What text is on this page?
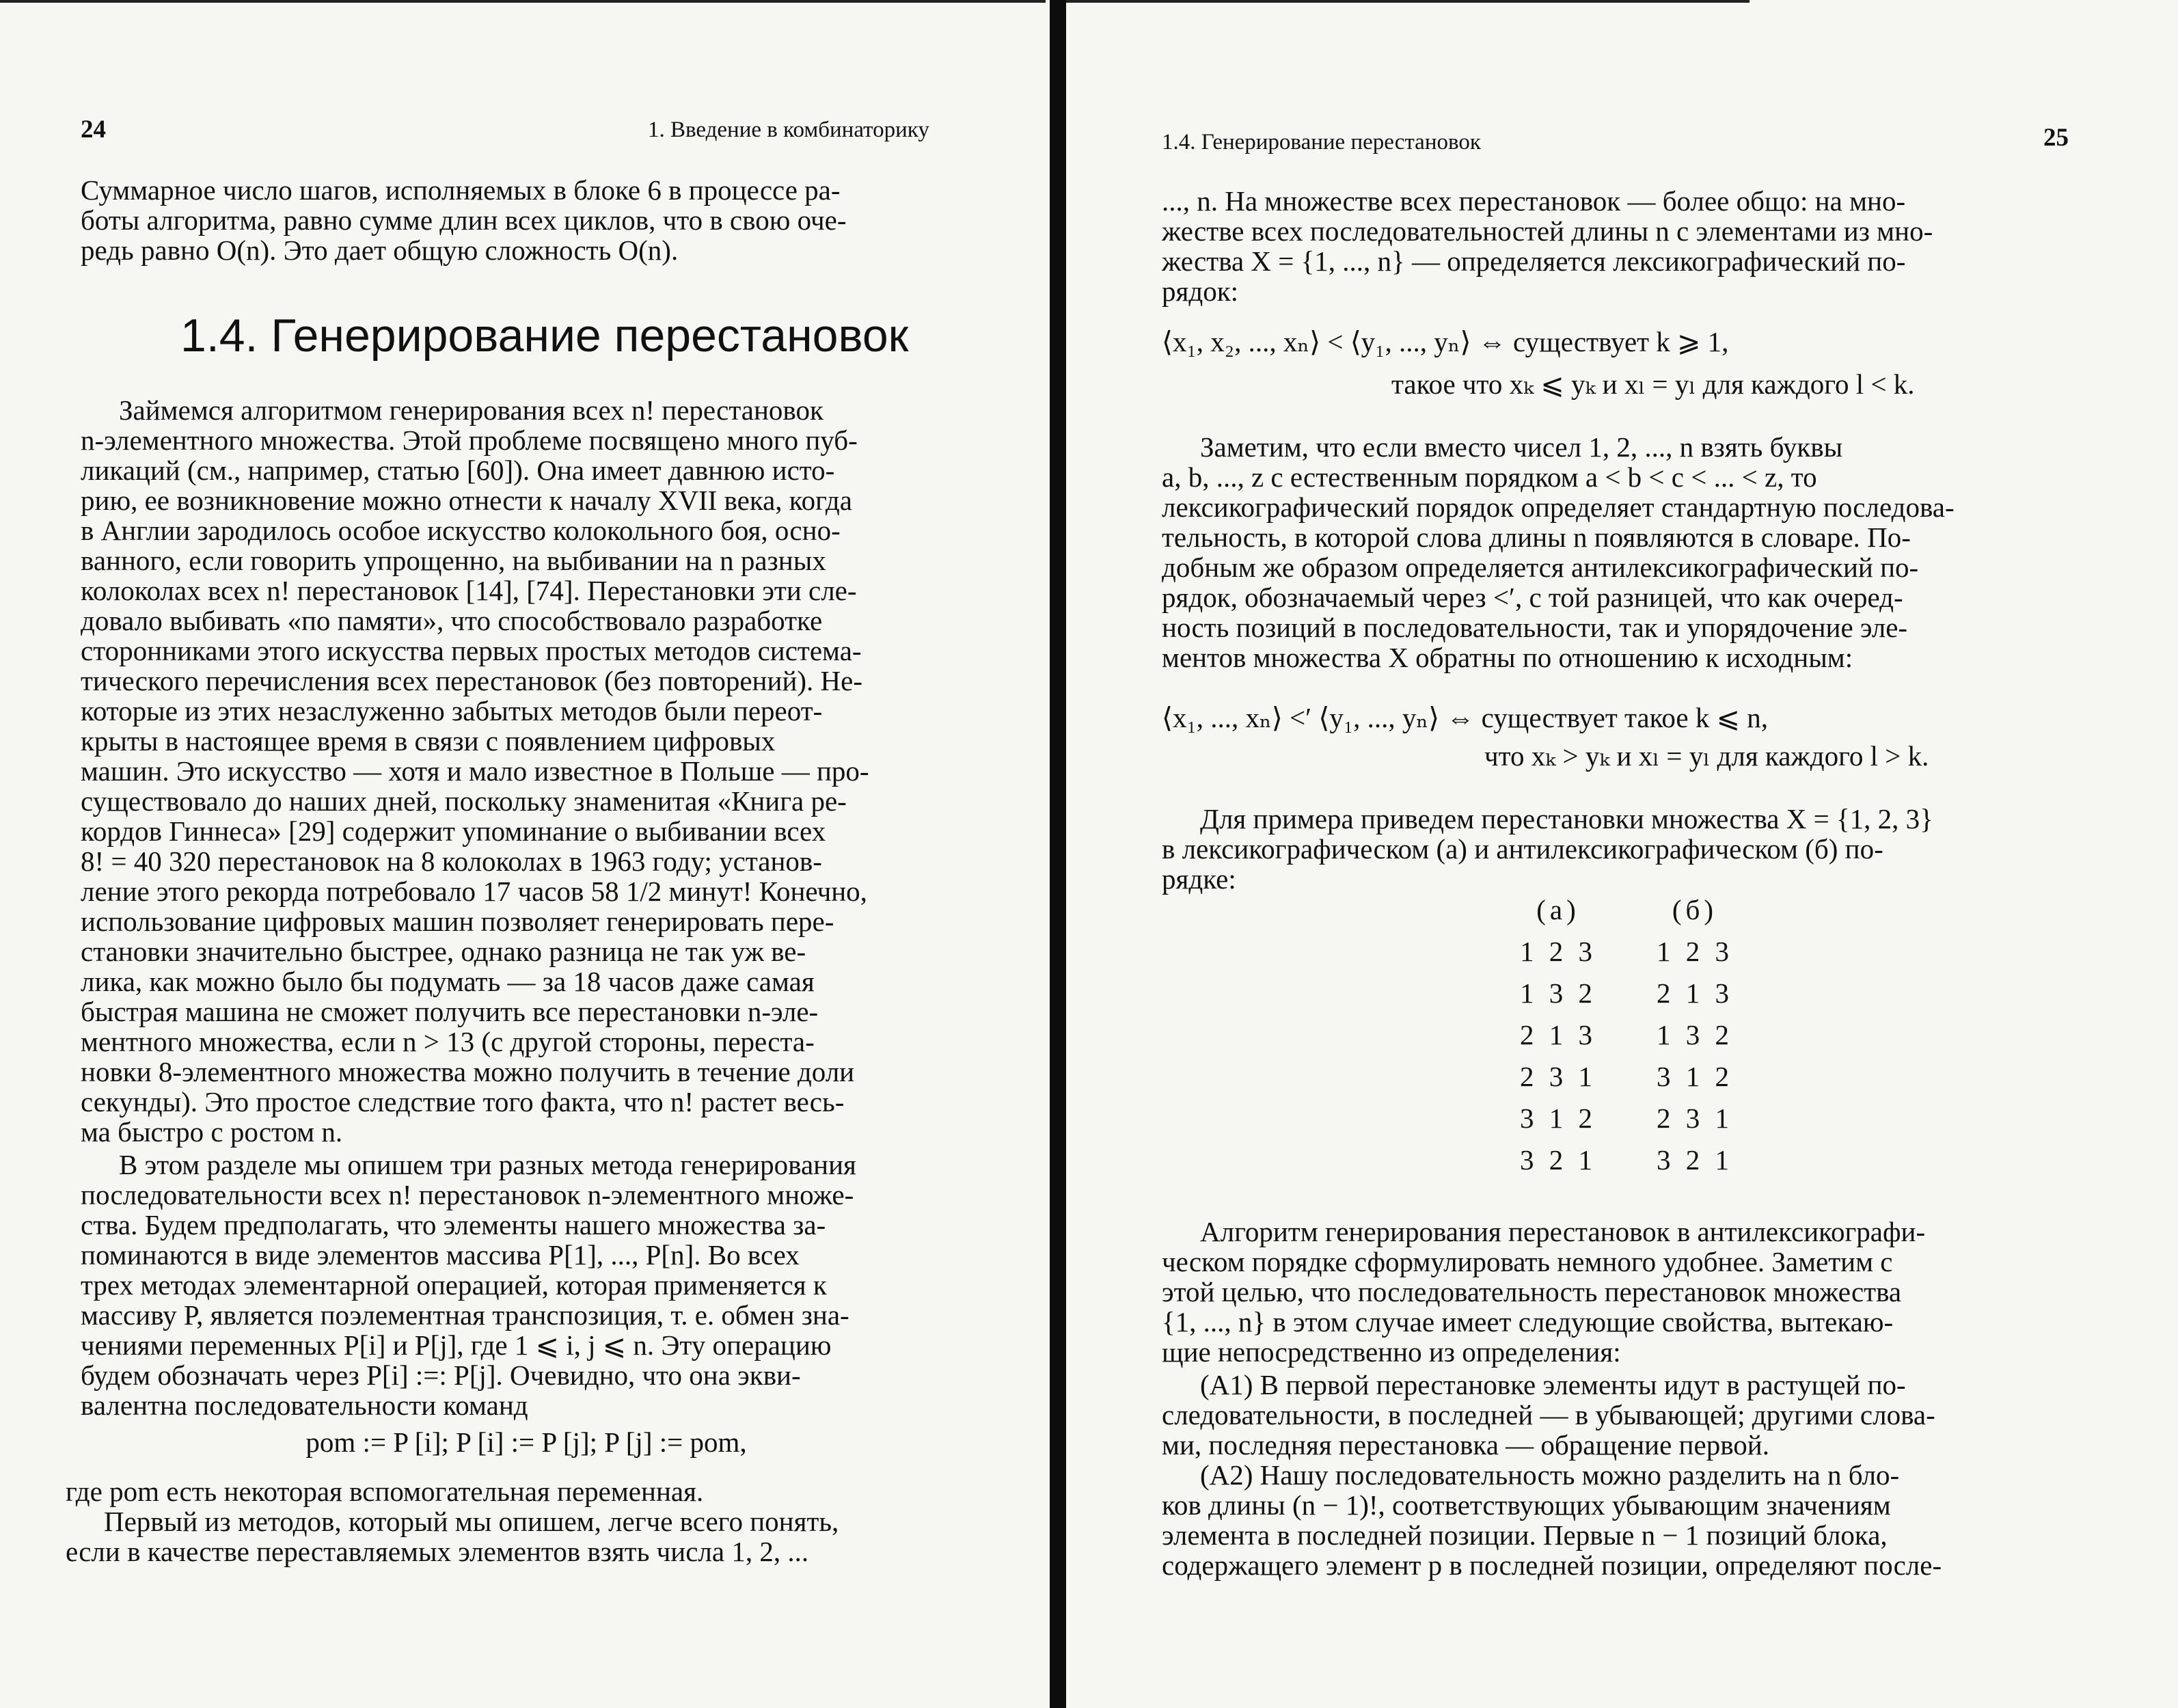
24	1. Введение в комбинаторику

Суммарное число шагов, исполняемых в блоке 6 в процессе ра-

боты алгоритма, равно сумме длин всех циклов, что в свою оче-

редь равно O(n). Это дает общую сложность O(n).

1.4. Генерирование перестановок

Займемся алгоритмом генерирования всех n! перестановок

n-элементного множества. Этой проблеме посвящено много пуб-

ликаций (см., например, статью [60]). Она имеет давнюю исто-

рию, ее возникновение можно отнести к началу XVII века, когда

в Англии зародилось особое искусство колокольного боя, осно-

ванного, если говорить упрощенно, на выбивании на n разных

колоколах всех n! перестановок [14], [74]. Перестановки эти сле-

довало выбивать «по памяти», что способствовало разработке

сторонниками этого искусства первых простых методов система-

тического перечисления всех перестановок (без повторений). Не-

которые из этих незаслуженно забытых методов были переот-

крыты в настоящее время в связи с появлением цифровых

машин. Это искусство — хотя и мало известное в Польше — про-

существовало до наших дней, поскольку знаменитая «Книга ре-

кордов Гиннеса» [29] содержит упоминание о выбивании всех

8! = 40 320 перестановок на 8 колоколах в 1963 году; установ-

ление этого рекорда потребовало 17 часов 58 1/2 минут! Конечно,

использование цифровых машин позволяет генерировать пере-

становки значительно быстрее, однако разница не так уж ве-

лика, как можно было бы подумать — за 18 часов даже самая

быстрая машина не сможет получить все перестановки n-эле-

ментного множества, если n > 13 (с другой стороны, переста-

новки 8-элементного множества можно получить в течение доли

секунды). Это простое следствие того факта, что n! растет весь-

ма быстро с ростом n.

В этом разделе мы опишем три разных метода генерирования

последовательности всех n! перестановок n-элементного множе-

ства. Будем предполагать, что элементы нашего множества за-

поминаются в виде элементов массива P[1], ..., P[n]. Во всех

трех методах элементарной операцией, которая применяется к

массиву P, является поэлементная транспозиция, т. е. обмен зна-

чениями переменных P[i] и P[j], где 1 ⩽ i, j ⩽ n. Эту операцию

будем обозначать через P[i] :=: P[j]. Очевидно, что она экви-

валентна последовательности команд

pom := P [i]; P [i] := P [j]; P [j] := pom,

где pom есть некоторая вспомогательная переменная.

Первый из методов, который мы опишем, легче всего понять,

если в качестве переставляемых элементов взять числа 1, 2, ...

1.4. Генерирование перестановок	25

..., n. На множестве всех перестановок — более общо: на мно-

жестве всех последовательностей длины n с элементами из мно-

жества X = {1, ..., n} — определяется лексикографический по-

рядок:

⟨x₁, x₂, ..., xₙ⟩ < ⟨y₁, ..., yₙ⟩ ⇔ существует k ⩾ 1,
такое что xₖ ⩽ yₖ и xₗ = yₗ для каждого l < k.

Заметим, что если вместо чисел 1, 2, ..., n взять буквы

a, b, ..., z с естественным порядком a < b < c < ... < z, то

лексикографический порядок определяет стандартную последова-

тельность, в которой слова длины n появляются в словаре. По-

добным же образом определяется антилексикографический по-

рядок, обозначаемый через <′, с той разницей, что как очеред-

ность позиций в последовательности, так и упорядочение эле-

ментов множества X обратны по отношению к исходным:

⟨x₁, ..., xₙ⟩ <′ ⟨y₁, ..., yₙ⟩ ⇔ существует такое k ⩽ n,
что xₖ > yₖ и xₗ = yₗ для каждого l > k.

Для примера приведем перестановки множества X = {1, 2, 3}

в лексикографическом (а) и антилексикографическом (б) по-

рядке:

Алгоритм генерирования перестановок в антилексикографи-

ческом порядке сформулировать немного удобнее. Заметим с

этой целью, что последовательность перестановок множества

{1, ..., n} в этом случае имеет следующие свойства, вытекаю-

щие непосредственно из определения:

(A1) В первой перестановке элементы идут в растущей по-

следовательности, в последней — в убывающей; другими слова-

ми, последняя перестановка — обращение первой.

(A2) Нашу последовательность можно разделить на n бло-

ков длины (n − 1)!, соответствующих убывающим значениям

элемента в последней позиции. Первые n − 1 позиций блока,

содержащего элемент p в последней позиции, определяют после-

(а)	(б)
1 2 3	1 2 3
1 3 2	2 1 3
2 1 3	1 3 2
2 3 1	3 1 2
3 1 2	2 3 1
3 2 1	3 2 1
